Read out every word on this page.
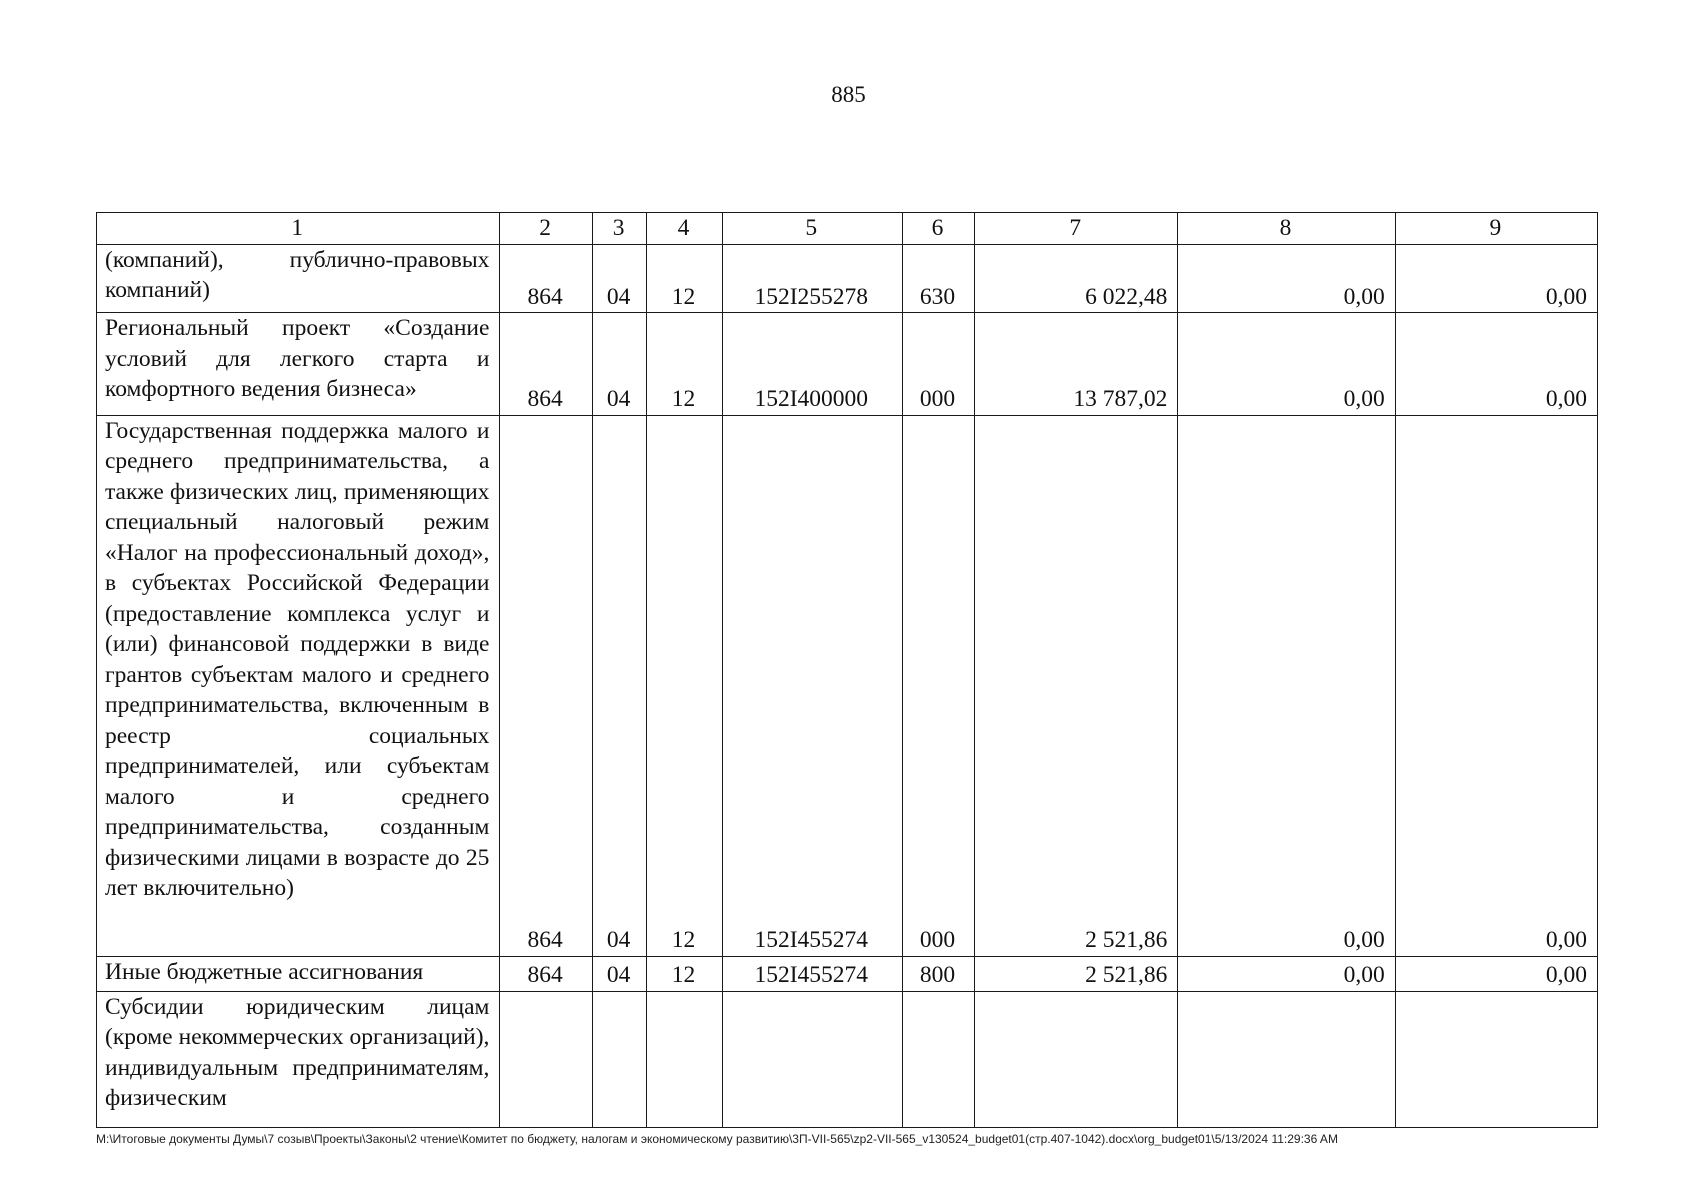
885
1	2	3	4	5	6	7	8	9
(компаний), публично-правовых компаний)	864	04	12	152I255278	630	6 022,48	0,00	0,00
Региональный проект «Создание условий для легкого старта и комфортного ведения бизнеса»	864	04	12	152I400000	000	13 787,02	0,00	0,00
Государственная поддержка малого и среднего предпринимательства, а также физических лиц, применяющих специальный налоговый режим «Налог на профессиональный доход», в субъектах Российской Федерации (предоставление комплекса услуг и (или) финансовой поддержки в виде грантов субъектам малого и среднего предпринимательства, включенным в реестр социальных предпринимателей, или субъектам малого и среднего предпринимательства, созданным физическими лицами в возрасте до 25 лет включительно)	864	04	12	152I455274	000	2 521,86	0,00	0,00
Иные бюджетные ассигнования	864	04	12	152I455274	800	2 521,86	0,00	0,00
Субсидии юридическим лицам (кроме некоммерческих организаций), индивидуальным предпринимателям, физическим								
M:\Итоговые документы Думы\7 созыв\Проекты\Законы\2 чтение\Комитет по бюджету, налогам и экономическому развитию\3П-VII-565\zp2-VII-565_v130524_budget01(стр.407-1042).docx\org_budget01\5/13/2024 11:29:36 AM
